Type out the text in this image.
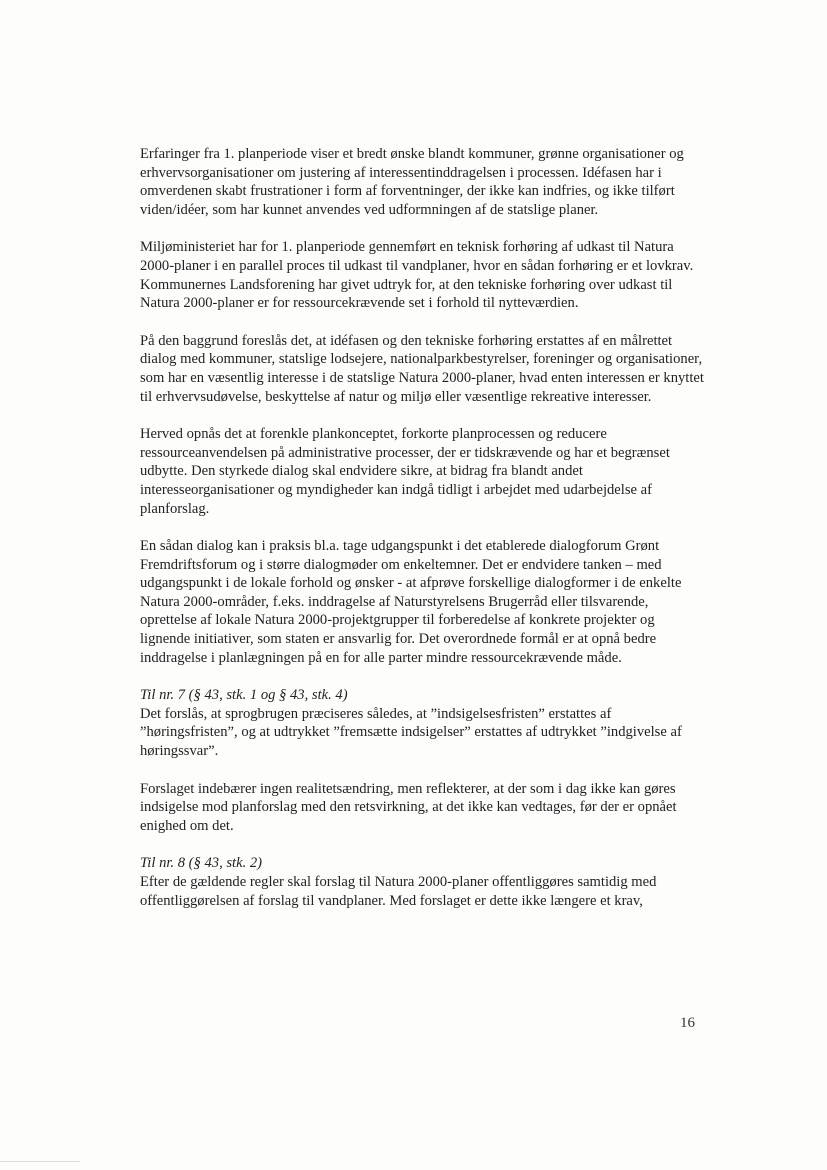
Erfaringer fra 1. planperiode viser et bredt ønske blandt kommuner, grønne organisationer og erhvervsorganisationer om justering af interessentinddragelsen i processen. Idéfasen har i omverdenen skabt frustrationer i form af forventninger, der ikke kan indfries, og ikke tilført viden/idéer, som har kunnet anvendes ved udformningen af de statslige planer.

Miljøministeriet har for 1. planperiode gennemført en teknisk forhøring af udkast til Natura 2000-planer i en parallel proces til udkast til vandplaner, hvor en sådan forhøring er et lovkrav. Kommunernes Landsforening har givet udtryk for, at den tekniske forhøring over udkast til Natura 2000-planer er for ressourcekrævende set i forhold til nytteværdien.

På den baggrund foreslås det, at idéfasen og den tekniske forhøring erstattes af en målrettet dialog med kommuner, statslige lodsejere, nationalparkbestyrelser, foreninger og organisationer, som har en væsentlig interesse i de statslige Natura 2000-planer, hvad enten interessen er knyttet til erhvervsudøvelse, beskyttelse af natur og miljø eller væsentlige rekreative interesser.

Herved opnås det at forenkle plankonceptet, forkorte planprocessen og reducere ressourceanvendelsen på administrative processer, der er tidskrævende og har et begrænset udbytte. Den styrkede dialog skal endvidere sikre, at bidrag fra blandt andet interesseorganisationer og myndigheder kan indgå tidligt i arbejdet med udarbejdelse af planforslag.

En sådan dialog kan i praksis bl.a. tage udgangspunkt i det etablerede dialogforum Grønt Fremdriftsforum og i større dialogmøder om enkeltemner. Det er endvidere tanken – med udgangspunkt i de lokale forhold og ønsker - at afprøve forskellige dialogformer i de enkelte Natura 2000-områder, f.eks. inddragelse af Naturstyrelsens Brugerråd eller tilsvarende, oprettelse af lokale Natura 2000-projektgrupper til forberedelse af konkrete projekter og lignende initiativer, som staten er ansvarlig for. Det overordnede formål er at opnå bedre inddragelse i planlægningen på en for alle parter mindre ressourcekrævende måde.

Til nr. 7 (§ 43, stk. 1 og § 43, stk. 4)

Det forslås, at sprogbrugen præciseres således, at ”indsigelsesfristen” erstattes af ”høringsfristen”, og at udtrykket ”fremsætte indsigelser” erstattes af udtrykket ”indgivelse af høringssvar”.

Forslaget indebærer ingen realitetsændring, men reflekterer, at der som i dag ikke kan gøres indsigelse mod planforslag med den retsvirkning, at det ikke kan vedtages, før der er opnået enighed om det.

Til nr. 8 (§ 43, stk. 2)

Efter de gældende regler skal forslag til Natura 2000-planer offentliggøres samtidig med offentliggørelsen af forslag til vandplaner. Med forslaget er dette ikke længere et krav,

16
